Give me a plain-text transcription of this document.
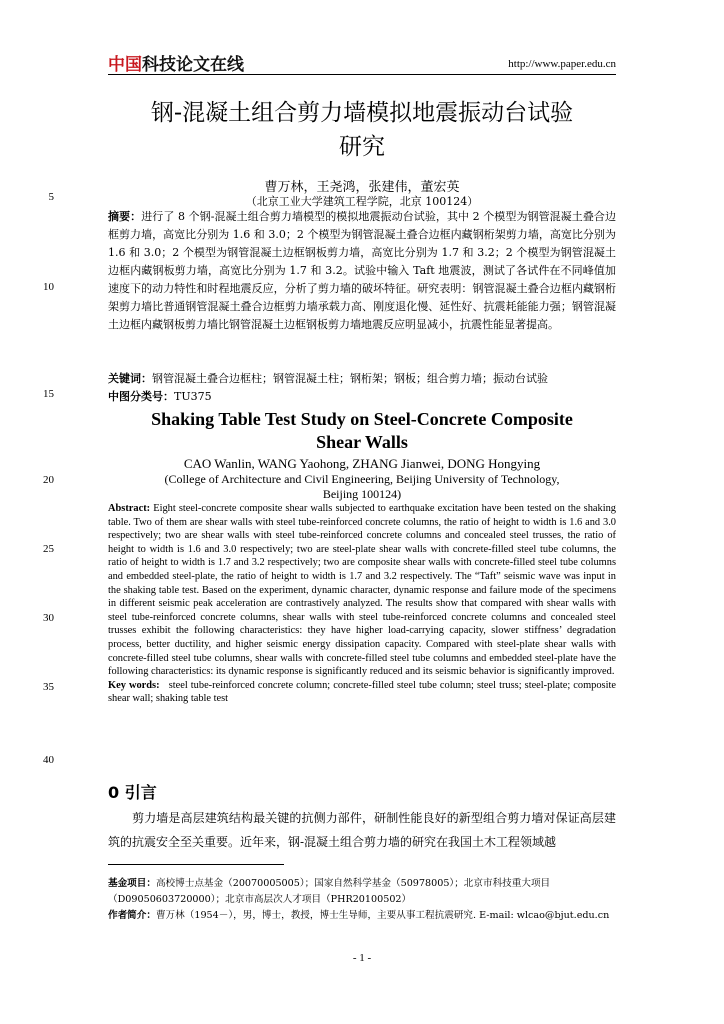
中国科技论文在线	http://www.paper.edu.cn
5
10
15
20
25
30
35
40
钢-混凝土组合剪力墙模拟地震振动台试验
研究
曹万林，王尧鸿，张建伟，董宏英
（北京工业大学建筑工程学院，北京 100124）
摘要：进行了 8 个钢-混凝土组合剪力墙模型的模拟地震振动台试验，其中 2 个模型为钢管混凝土叠合边框剪力墙，高宽比分别为 1.6 和 3.0；2 个模型为钢管混凝土叠合边框内藏钢桁架剪力墙，高宽比分别为 1.6 和 3.0；2 个模型为钢管混凝土边框钢板剪力墙，高宽比分别为 1.7 和 3.2；2 个模型为钢管混凝土边框内藏钢板剪力墙，高宽比分别为 1.7 和 3.2。试验中输入 Taft 地震波，测试了各试件在不同峰值加速度下的动力特性和时程地震反应，分析了剪力墙的破坏特征。研究表明：钢管混凝土叠合边框内藏钢桁架剪力墙比普通钢管混凝土叠合边框剪力墙承载力高、刚度退化慢、延性好、抗震耗能能力强；钢管混凝土边框内藏钢板剪力墙比钢管混凝土边框钢板剪力墙地震反应明显减小，抗震性能显著提高。
关键词：钢管混凝土叠合边框柱；钢管混凝土柱；钢桁架；钢板；组合剪力墙；振动台试验
中图分类号：TU375
Shaking Table Test Study on Steel-Concrete Composite
Shear Walls
CAO Wanlin, WANG Yaohong, ZHANG Jianwei, DONG Hongying
(College of Architecture and Civil Engineering, Beijing University of Technology,
Beijing 100124)
Abstract: Eight steel-concrete composite shear walls subjected to earthquake excitation have been tested on the shaking table. Two of them are shear walls with steel tube-reinforced concrete columns, the ratio of height to width is 1.6 and 3.0 respectively; two are shear walls with steel tube-reinforced concrete columns and concealed steel trusses, the ratio of height to width is 1.6 and 3.0 respectively; two are steel-plate shear walls with concrete-filled steel tube columns, the ratio of height to width is 1.7 and 3.2 respectively; two are composite shear walls with concrete-filled steel tube columns and embedded steel-plate, the ratio of height to width is 1.7 and 3.2 respectively. The “Taft” seismic wave was input in the shaking table test. Based on the experiment, dynamic character, dynamic response and failure mode of the specimens in different seismic peak acceleration are contrastively analyzed. The results show that compared with shear walls with steel tube-reinforced concrete columns, shear walls with steel tube-reinforced concrete columns and concealed steel trusses exhibit the following characteristics: they have higher load-carrying capacity, slower stiffness’ degradation process, better ductility, and higher seismic energy dissipation capacity. Compared with steel-plate shear walls with concrete-filled steel tube columns, shear walls with concrete-filled steel tube columns and embedded steel-plate have the following characteristics: its dynamic response is significantly reduced and its seismic behavior is significantly improved.
Key words: steel tube-reinforced concrete column; concrete-filled steel tube column; steel truss; steel-plate; composite shear wall; shaking table test
0 引言
剪力墙是高层建筑结构最关键的抗侧力部件，研制性能良好的新型组合剪力墙对保证高层建筑的抗震安全至关重要。近年来，钢-混凝土组合剪力墙的研究在我国土木工程领域越
基金项目：高校博士点基金（20070005005）；国家自然科学基金（50978005）；北京市科技重大项目（D09050603720000）；北京市高层次人才项目（PHR20100502）
作者简介：曹万林（1954－），男，博士，教授，博士生导师，主要从事工程抗震研究. E-mail: wlcao@bjut.edu.cn
- 1 -
